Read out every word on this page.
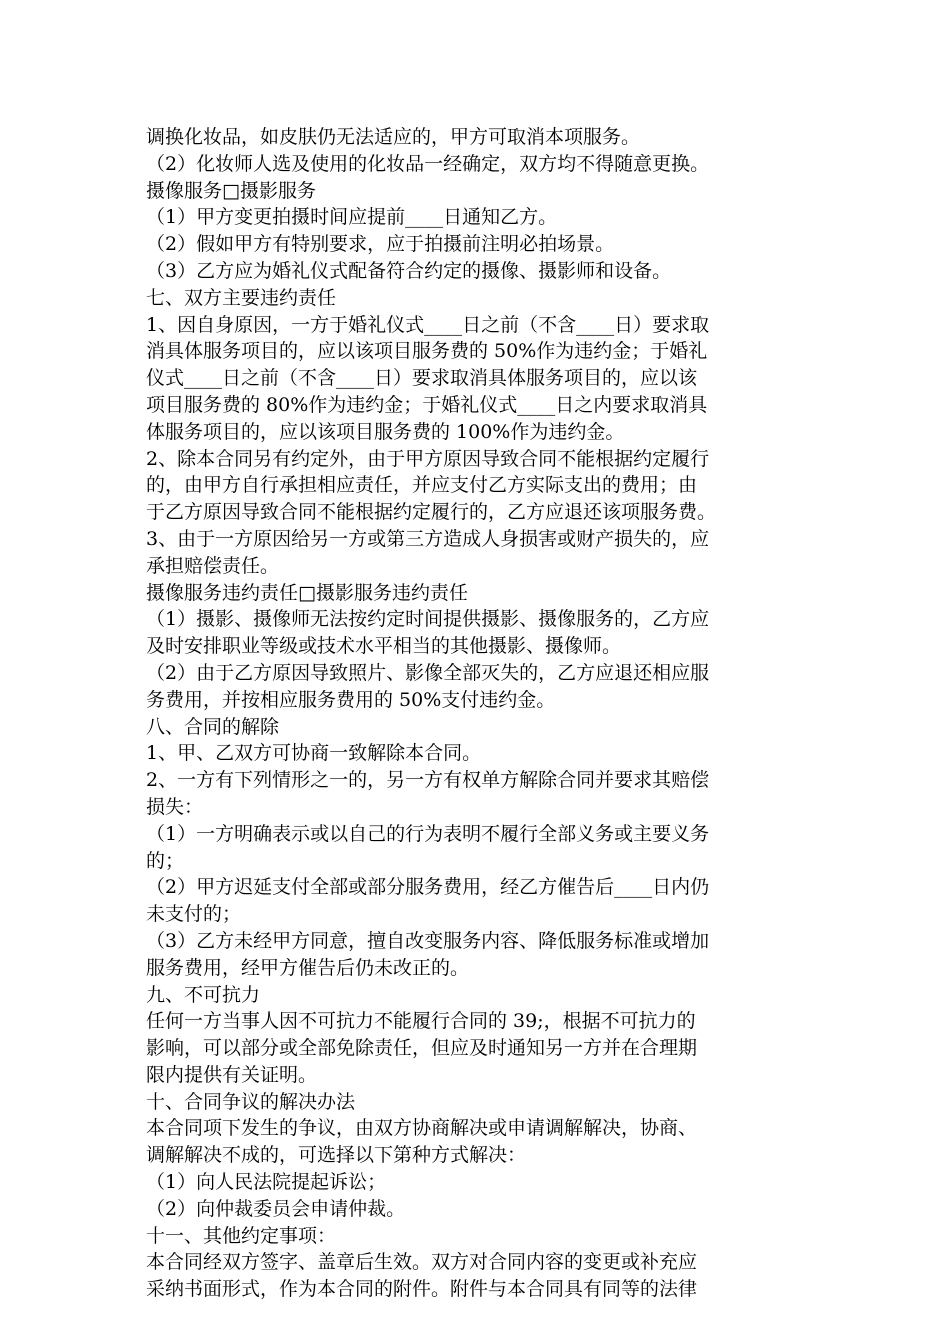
调换化妆品，如皮肤仍无法适应的，甲方可取消本项服务。
（2）化妆师人选及使用的化妆品一经确定，双方均不得随意更换。
摄像服务□摄影服务
（1）甲方变更拍摄时间应提前____日通知乙方。
（2）假如甲方有特别要求，应于拍摄前注明必拍场景。
（3）乙方应为婚礼仪式配备符合约定的摄像、摄影师和设备。
七、双方主要违约责任
1、因自身原因，一方于婚礼仪式____日之前（不含____日）要求取
消具体服务项目的，应以该项目服务费的 50%作为违约金；于婚礼
仪式____日之前（不含____日）要求取消具体服务项目的，应以该
项目服务费的 80%作为违约金；于婚礼仪式____日之内要求取消具
体服务项目的，应以该项目服务费的 100%作为违约金。
2、除本合同另有约定外，由于甲方原因导致合同不能根据约定履行
的，由甲方自行承担相应责任，并应支付乙方实际支出的费用；由
于乙方原因导致合同不能根据约定履行的，乙方应退还该项服务费。
3、由于一方原因给另一方或第三方造成人身损害或财产损失的，应
承担赔偿责任。
摄像服务违约责任□摄影服务违约责任
（1）摄影、摄像师无法按约定时间提供摄影、摄像服务的，乙方应
及时安排职业等级或技术水平相当的其他摄影、摄像师。
（2）由于乙方原因导致照片、影像全部灭失的，乙方应退还相应服
务费用，并按相应服务费用的 50%支付违约金。
八、合同的解除
1、甲、乙双方可协商一致解除本合同。
2、一方有下列情形之一的，另一方有权单方解除合同并要求其赔偿
损失：
（1）一方明确表示或以自己的行为表明不履行全部义务或主要义务
的；
（2）甲方迟延支付全部或部分服务费用，经乙方催告后____日内仍
未支付的；
（3）乙方未经甲方同意，擅自改变服务内容、降低服务标准或增加
服务费用，经甲方催告后仍未改正的。
九、不可抗力
任何一方当事人因不可抗力不能履行合同的 39;，根据不可抗力的
影响，可以部分或全部免除责任，但应及时通知另一方并在合理期
限内提供有关证明。
十、合同争议的解决办法
本合同项下发生的争议，由双方协商解决或申请调解解决，协商、
调解解决不成的，可选择以下第种方式解决：
（1）向人民法院提起诉讼；
（2）向仲裁委员会申请仲裁。
十一、其他约定事项：
本合同经双方签字、盖章后生效。双方对合同内容的变更或补充应
采纳书面形式，作为本合同的附件。附件与本合同具有同等的法律
